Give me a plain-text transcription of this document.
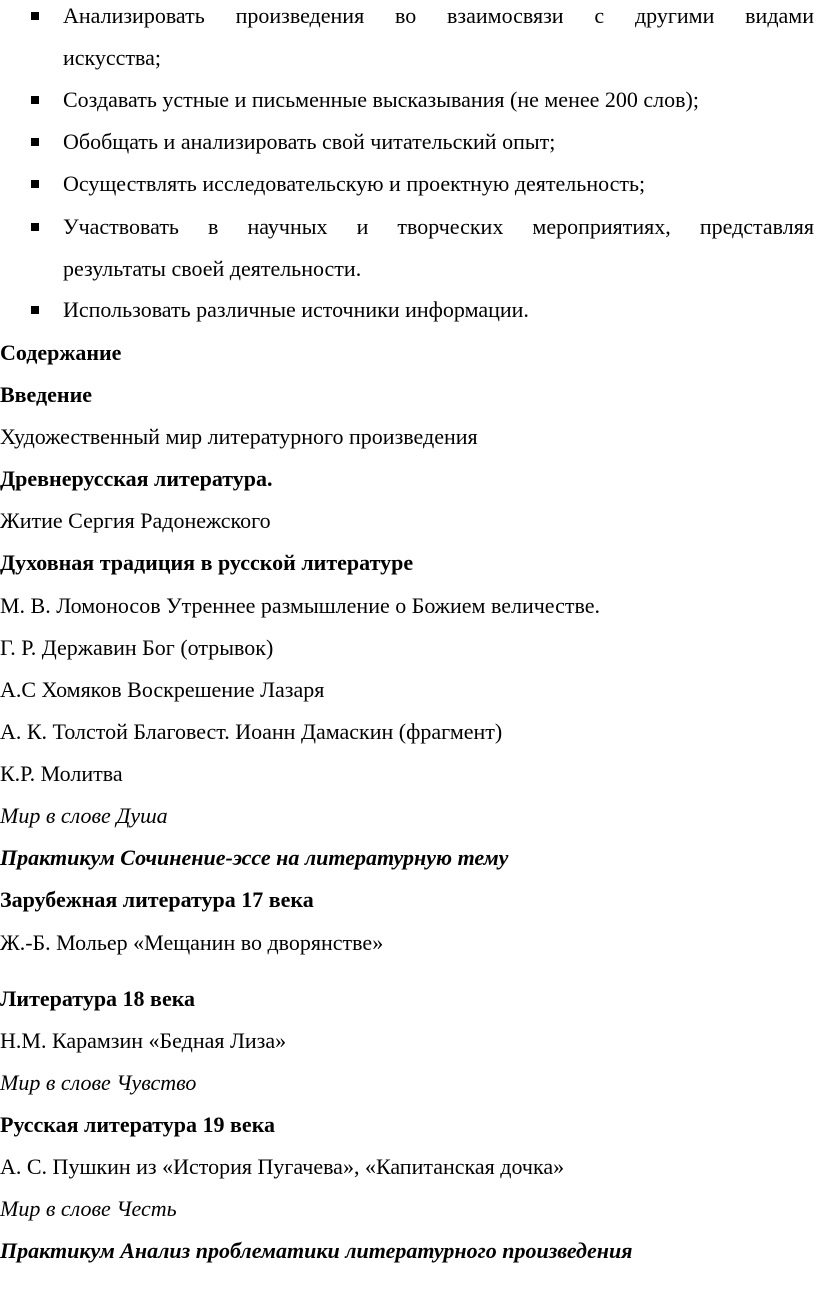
Анализировать произведения во взаимосвязи с другими видами
искусства;
Создавать устные и письменные высказывания (не менее 200 слов);
Обобщать и анализировать свой читательский опыт;
Осуществлять исследовательскую и проектную деятельность;
Участвовать в научных и творческих мероприятиях, представляя
результаты своей деятельности.
Использовать различные источники информации.
Содержание
Введение
Художественный мир литературного произведения
Древнерусская литература.
Житие Сергия Радонежского
Духовная традиция в русской литературе
М. В. Ломоносов Утреннее размышление о Божием величестве.
Г. Р. Державин Бог (отрывок)
А.С Хомяков Воскрешение Лазаря
А. К. Толстой Благовест. Иоанн Дамаскин (фрагмент)
К.Р. Молитва
Мир в слове Душа
Практикум Сочинение-эссе на литературную тему
Зарубежная литература 17 века
Ж.-Б. Мольер «Мещанин во дворянстве»
Литература 18 века
Н.М. Карамзин «Бедная Лиза»
Мир в слове Чувство
Русская литература 19 века
А. С. Пушкин из «История Пугачева», «Капитанская дочка»
Мир в слове Честь
Практикум Анализ проблематики литературного произведения
